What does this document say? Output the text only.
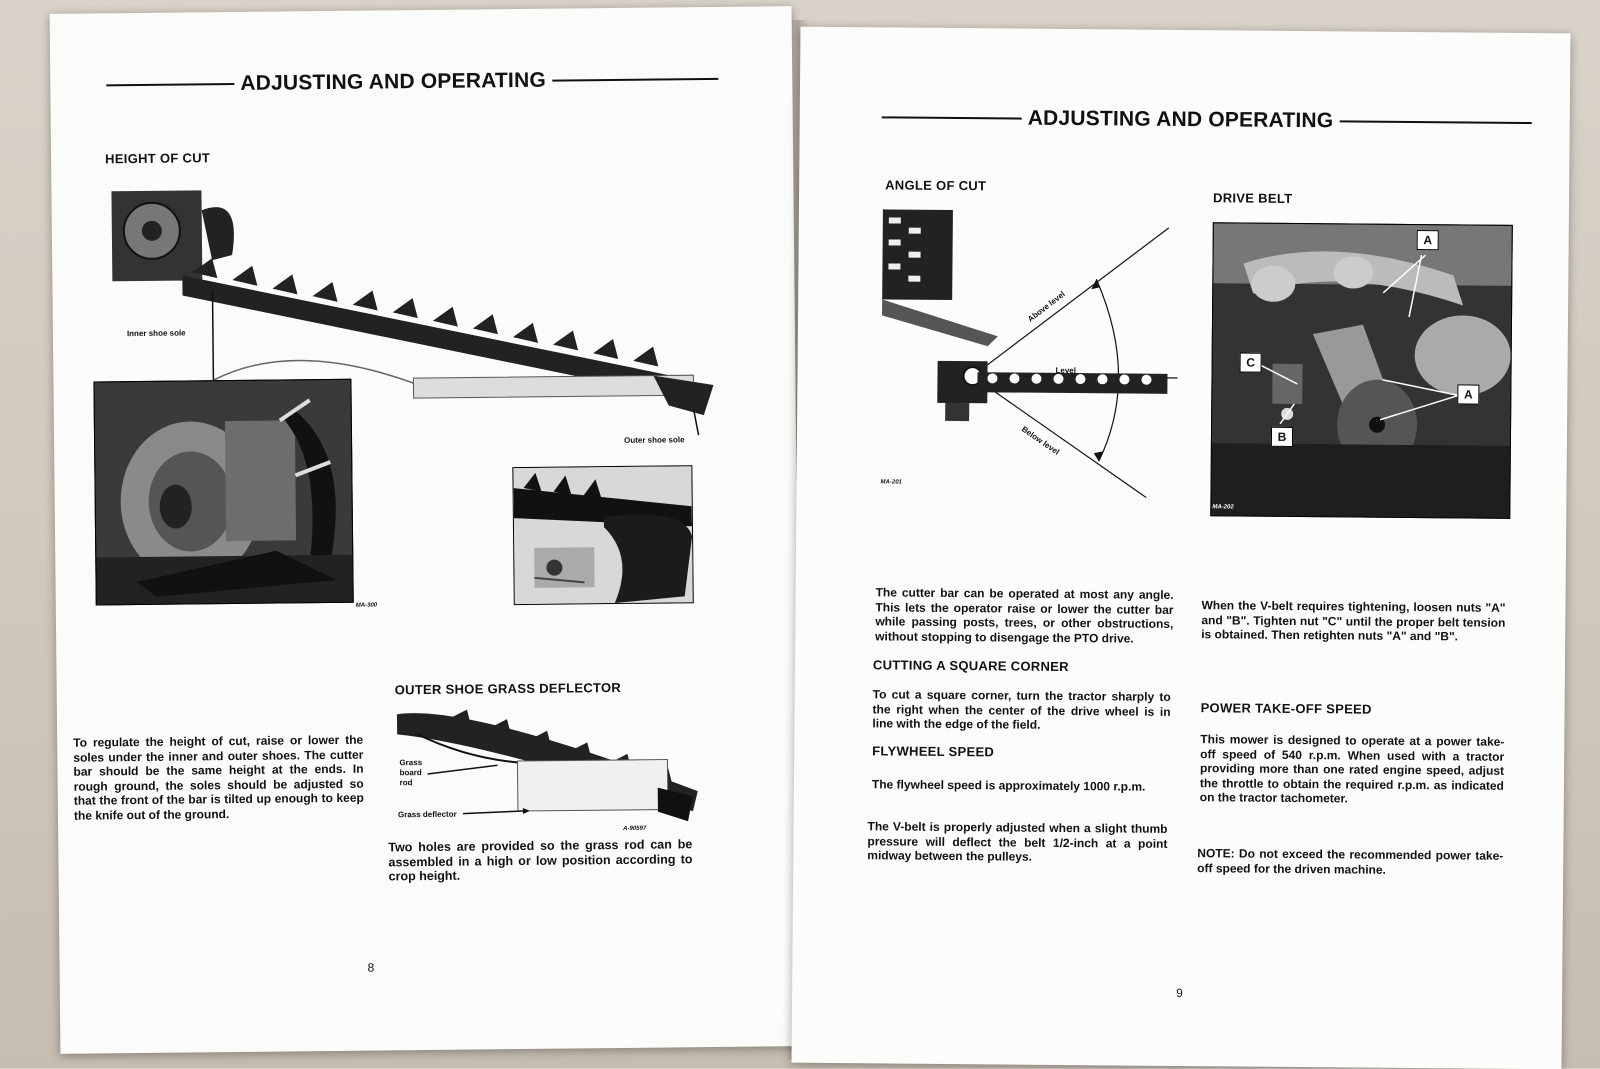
ADJUSTING AND OPERATING
HEIGHT OF CUT
Inner shoe sole
Outer shoe sole
MA-300
To regulate the height of cut, raise or lower the soles under the inner and outer shoes. The cutter bar should be the same height at the ends. In rough ground, the soles should be adjusted so that the front of the bar is tilted up enough to keep the knife out of the ground.
OUTER SHOE GRASS DEFLECTOR
Grass
board
rod
Grass deflector
A-90597
Two holes are provided so the grass rod can be assembled in a high or low position according to crop height.
8
ADJUSTING AND OPERATING
ANGLE OF CUT
DRIVE BELT
Above level
Level
Below level
MA-201
A
A
C
B
MA-202
The cutter bar can be operated at most any angle. This lets the operator raise or lower the cutter bar while passing posts, trees, or other obstructions, without stopping to disengage the PTO drive.
CUTTING A SQUARE CORNER
To cut a square corner, turn the tractor sharply to the right when the center of the drive wheel is in line with the edge of the field.
FLYWHEEL SPEED
The flywheel speed is approximately 1000 r.p.m.
The V-belt is properly adjusted when a slight thumb pressure will deflect the belt 1/2-inch at a point midway between the pulleys.
When the V-belt requires tightening, loosen nuts "A" and "B". Tighten nut "C" until the proper belt tension is obtained. Then retighten nuts "A" and "B".
POWER TAKE-OFF SPEED
This mower is designed to operate at a power take-off speed of 540 r.p.m. When used with a tractor providing more than one rated engine speed, adjust the throttle to obtain the required r.p.m. as indicated on the tractor tachometer.
NOTE: Do not exceed the recommended power take-off speed for the driven machine.
9
